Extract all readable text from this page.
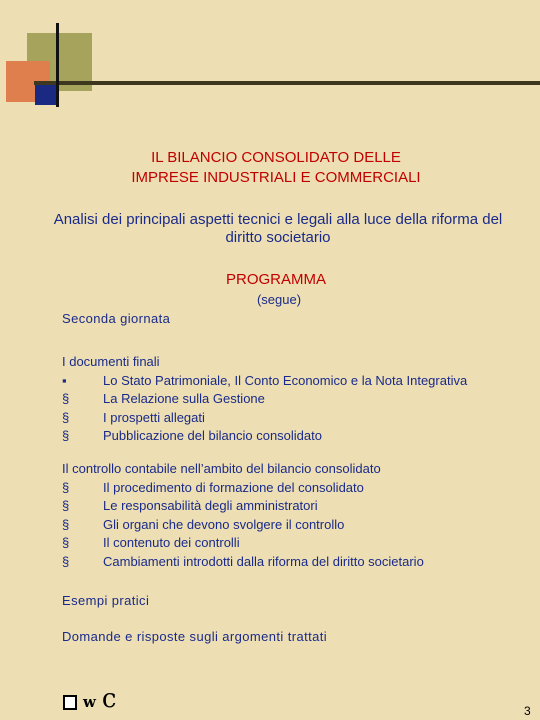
IL BILANCIO CONSOLIDATO DELLE
IMPRESE INDUSTRIALI E COMMERCIALI
Analisi dei principali aspetti tecnici e legali alla luce della riforma del
diritto societario
PROGRAMMA
(segue)
Seconda giornata
I documenti finali
▪	Lo Stato Patrimoniale, Il Conto Economico e la Nota Integrativa
§	La Relazione sulla Gestione
§	I prospetti allegati
§	Pubblicazione del bilancio consolidato
Il controllo contabile nell’ambito del bilancio consolidato
§	Il procedimento di formazione del consolidato
§	Le responsabilità degli amministratori
§	Gli organi che devono svolgere il controllo
§	Il contenuto dei controlli
§	Cambiamenti introdotti dalla riforma del diritto societario
Esempi pratici
Domande e risposte sugli argomenti trattati
w c	3
